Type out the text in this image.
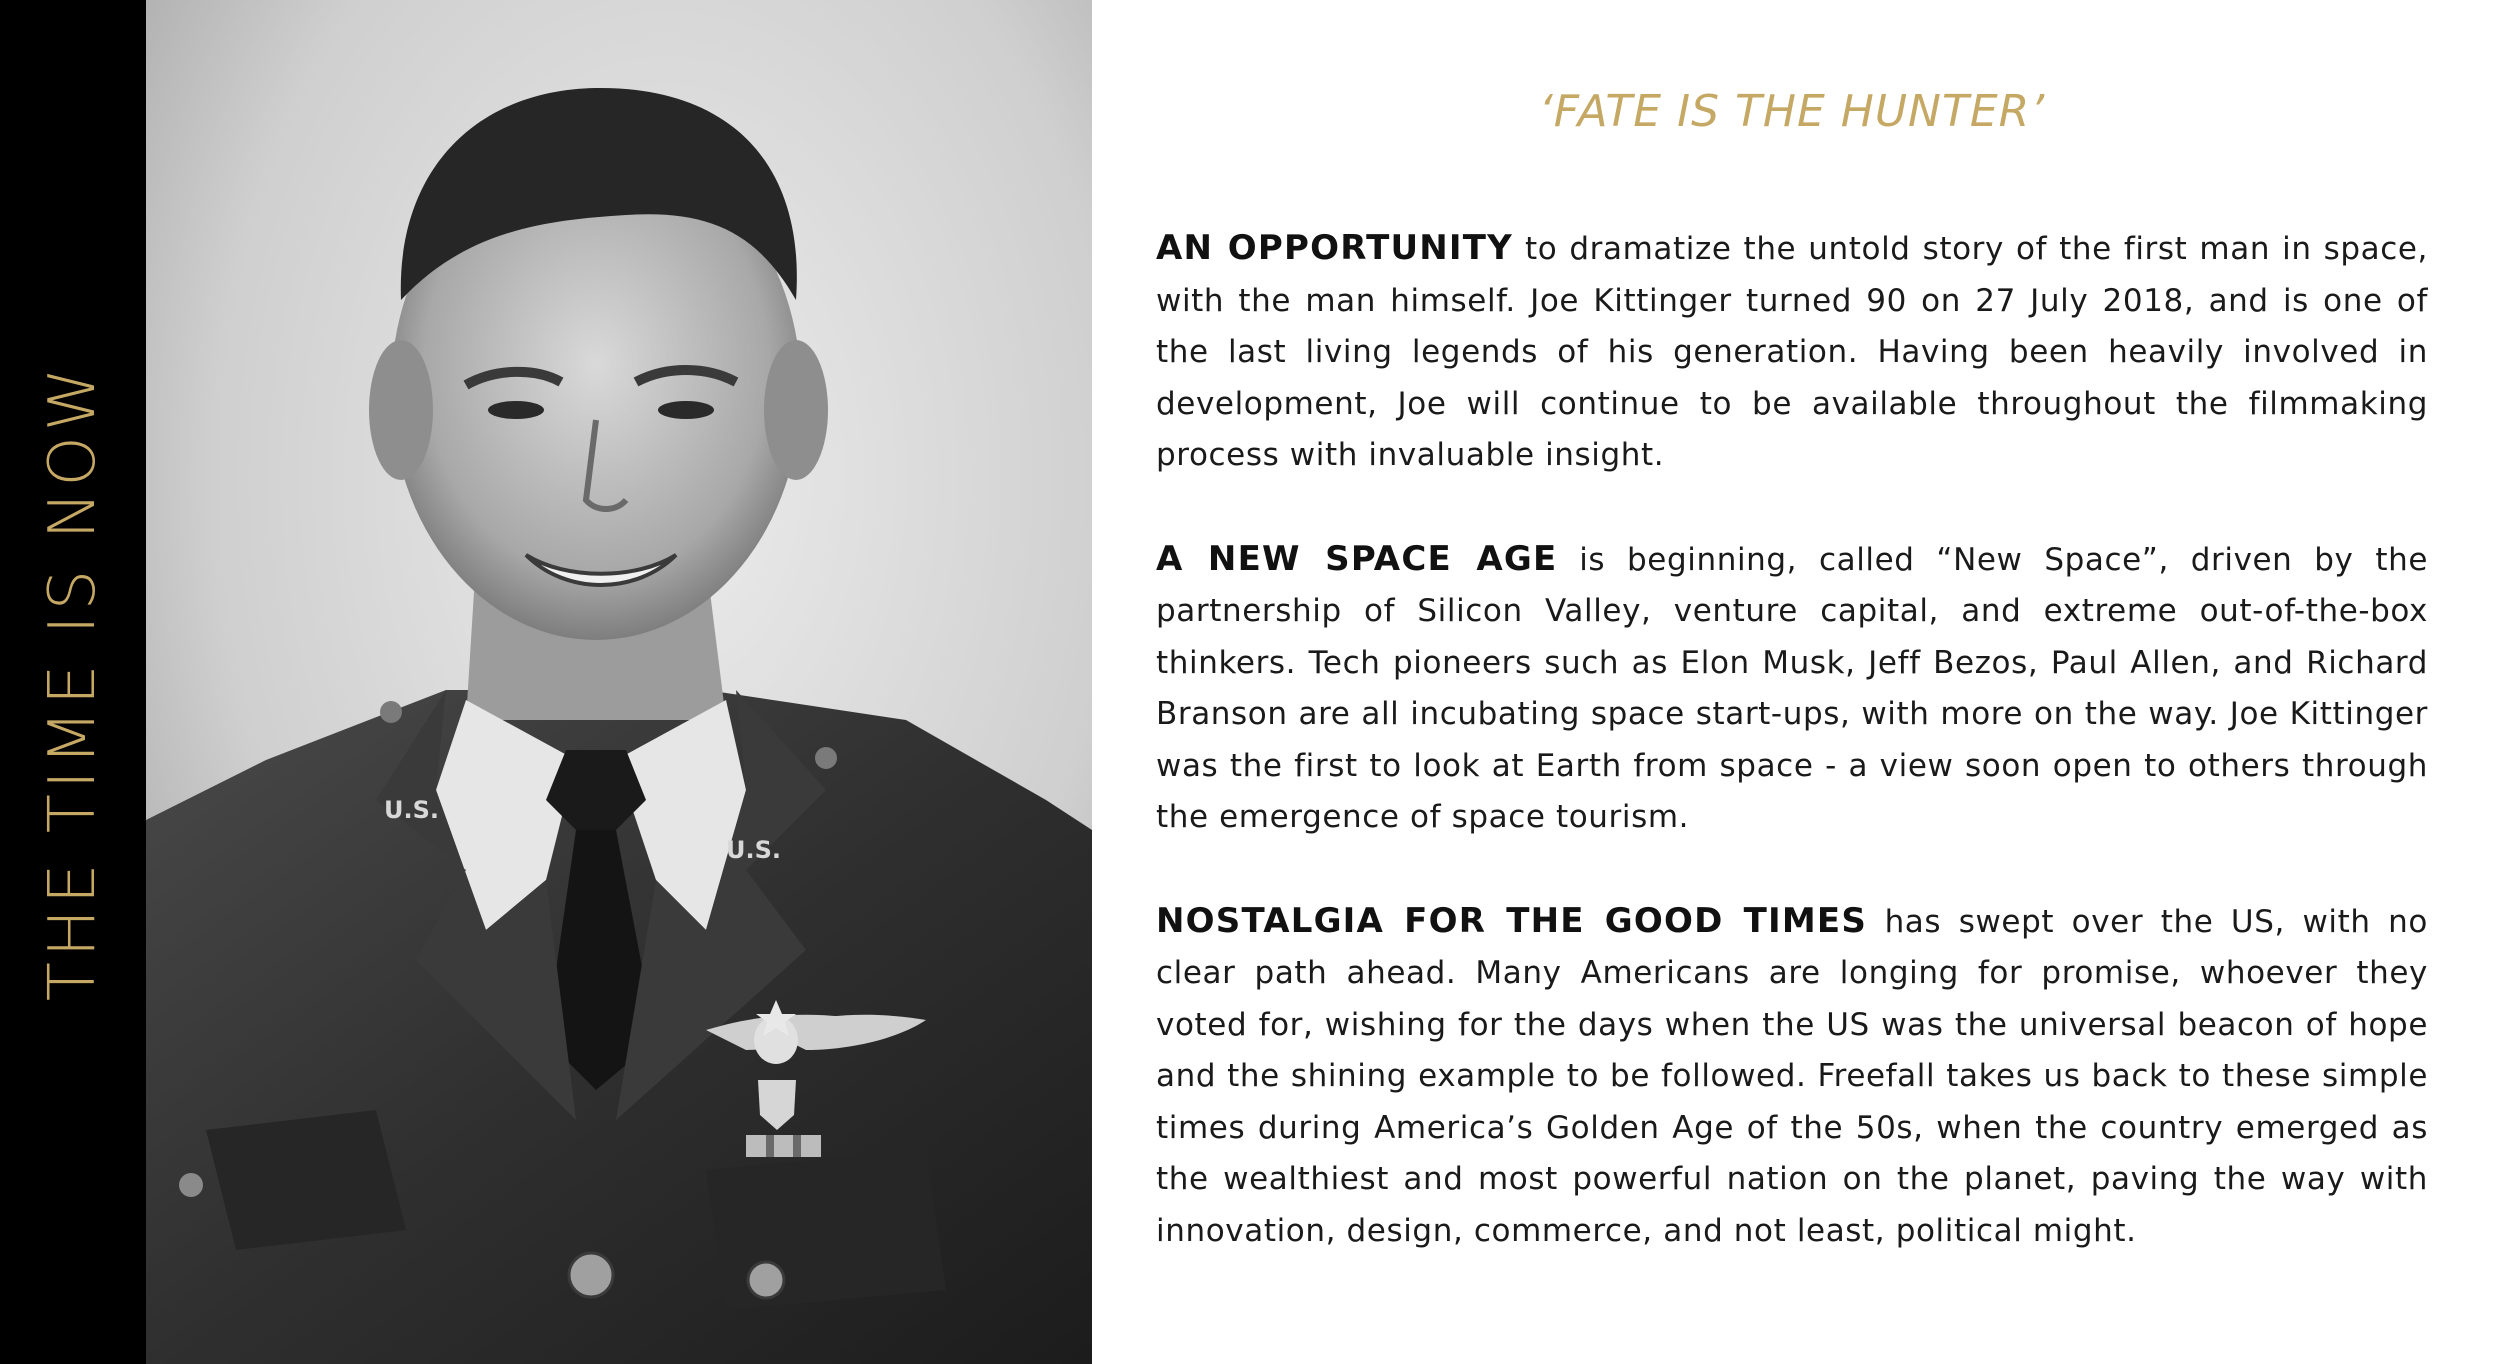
THE TIME IS NOW	U.S.
U.S.
‘FATE IS THE HUNTER’

AN OPPORTUNITY to dramatize the untold story of the first man in space, with the man himself. Joe Kittinger turned 90 on 27 July 2018, and is one of the last living legends of his generation. Having been heavily involved in development, Joe will continue to be available throughout the filmmaking process with invaluable insight.

A NEW SPACE AGE is beginning, called “New Space”, driven by the partnership of Silicon Valley, venture capital, and extreme out-of-the-box thinkers. Tech pioneers such as Elon Musk, Jeff Bezos, Paul Allen, and Richard Branson are all incubating space start-ups, with more on the way. Joe Kittinger was the first to look at Earth from space - a view soon open to others through the emergence of space tourism.

NOSTALGIA FOR THE GOOD TIMES has swept over the US, with no clear path ahead. Many Americans are longing for promise, whoever they voted for, wishing for the days when the US was the universal beacon of hope and the shining example to be followed. Freefall takes us back to these simple times during America’s Golden Age of the 50s, when the country emerged as the wealthiest and most powerful nation on the planet, paving the way with innovation, design, commerce, and not least, political might.
